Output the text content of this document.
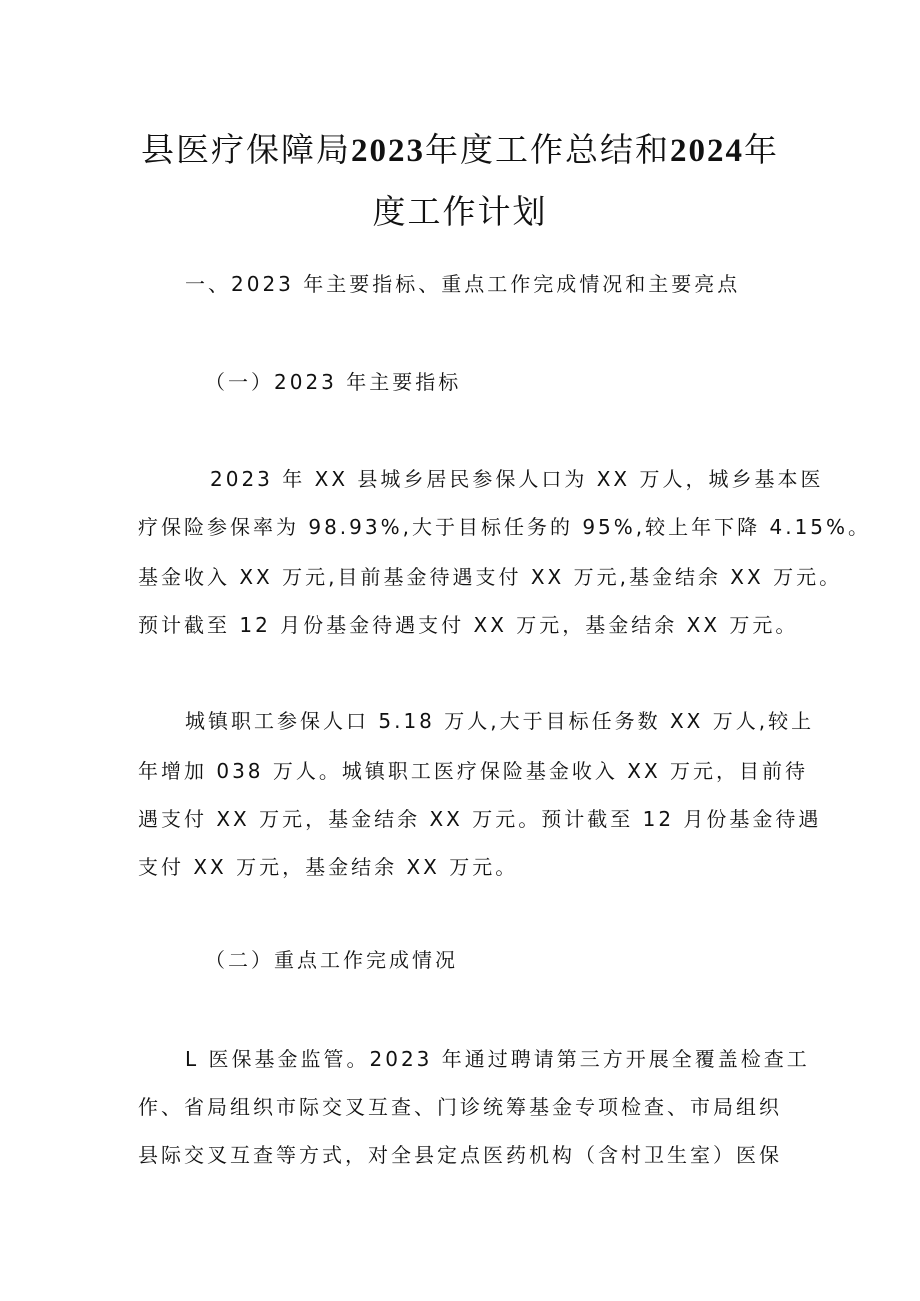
县医疗保障局2023年度工作总结和2024年
度工作计划
一、2023 年主要指标、重点工作完成情况和主要亮点
（一）2023 年主要指标
2023 年 XX 县城乡居民参保人口为 XX 万人，城乡基本医
疗保险参保率为 98.93%,大于目标任务的 95%,较上年下降 4.15%。
基金收入 XX 万元,目前基金待遇支付 XX 万元,基金结余 XX 万元。
预计截至 12 月份基金待遇支付 XX 万元，基金结余 XX 万元。
城镇职工参保人口 5.18 万人,大于目标任务数 XX 万人,较上
年增加 038 万人。城镇职工医疗保险基金收入 XX 万元，目前待
遇支付 XX 万元，基金结余 XX 万元。预计截至 12 月份基金待遇
支付 XX 万元，基金结余 XX 万元。
（二）重点工作完成情况
L 医保基金监管。2023 年通过聘请第三方开展全覆盖检查工
作、省局组织市际交叉互查、门诊统筹基金专项检查、市局组织
县际交叉互查等方式，对全县定点医药机构（含村卫生室）医保
